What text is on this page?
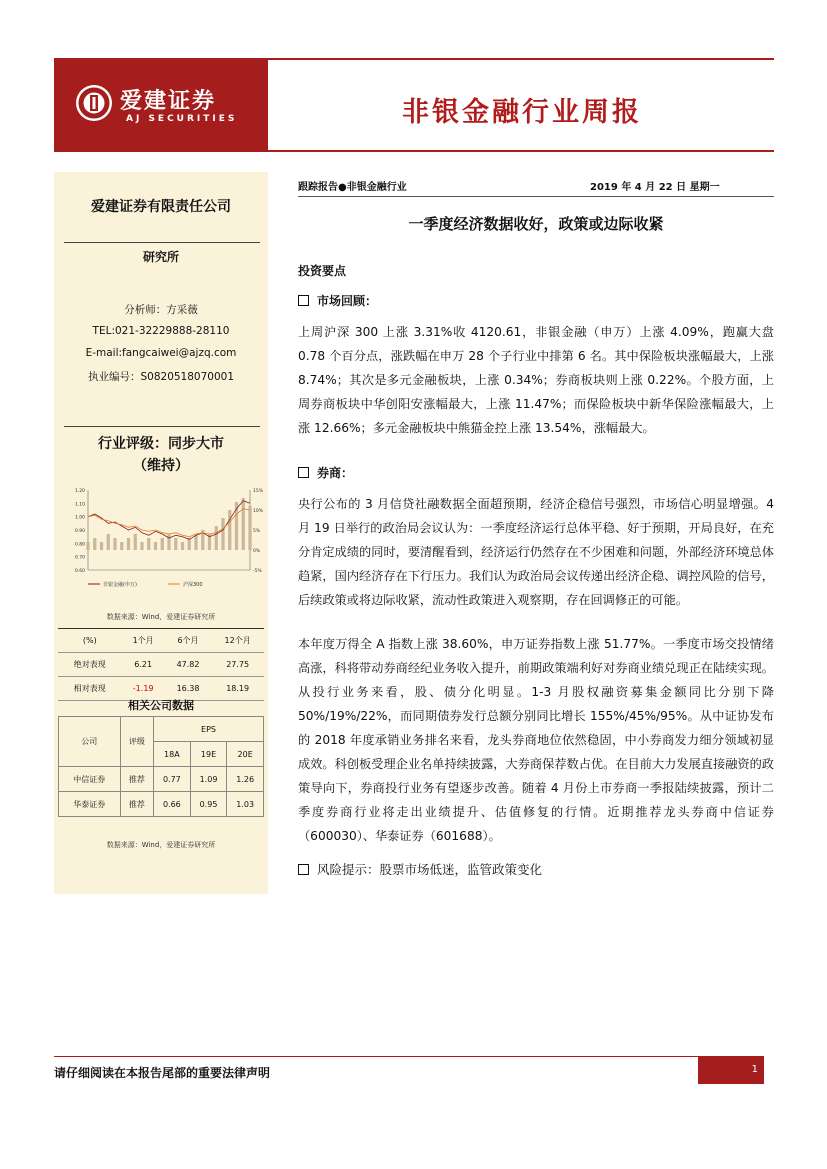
爱建证券
AJ SECURITIES	非银金融行业周报
爱建证券有限责任公司
研究所
分析师：方采薇
TEL:021-32229888-28110
E-mail:fangcaiwei@ajzq.com
执业编号：S0820518070001
行业评级：同步大市
（维持）
1.20
1.10
1.00
0.90
0.80
0.70
0.60
15%
10%
5%
0%
-5%
非银金融(申万)	沪深300
数据来源：Wind，爱建证券研究所
(%)	1个月	6个月	12个月
绝对表现	6.21	47.82	27.75
相对表现	-1.19	16.38	18.19
相关公司数据
公司	评级	EPS		
		18A	19E	20E
中信证券	推荐	0.77	1.09	1.26
华泰证券	推荐	0.66	0.95	1.03
数据来源：Wind，爱建证券研究所
跟踪报告●非银金融行业	2019 年 4 月 22 日 星期一
一季度经济数据收好，政策或边际收紧
投资要点
市场回顾：
上周沪深 300 上涨 3.31%收 4120.61，非银金融（申万）上涨 4.09%，跑赢大盘 0.78 个百分点，涨跌幅在申万 28 个子行业中排第 6 名。其中保险板块涨幅最大，上涨 8.74%；其次是多元金融板块，上涨 0.34%；券商板块则上涨 0.22%。个股方面，上周券商板块中华创阳安涨幅最大，上涨 11.47%；而保险板块中新华保险涨幅最大，上涨 12.66%；多元金融板块中熊猫金控上涨 13.54%，涨幅最大。
券商：
央行公布的 3 月信贷社融数据全面超预期，经济企稳信号强烈，市场信心明显增强。4 月 19 日举行的政治局会议认为：一季度经济运行总体平稳、好于预期，开局良好，在充分肯定成绩的同时，要清醒看到，经济运行仍然存在不少困难和问题，外部经济环境总体趋紧，国内经济存在下行压力。我们认为政治局会议传递出经济企稳、调控风险的信号，后续政策或将边际收紧，流动性政策进入观察期，存在回调修正的可能。
本年度万得全 A 指数上涨 38.60%，申万证券指数上涨 51.77%。一季度市场交投情绪高涨，科将带动券商经纪业务收入提升，前期政策端利好对券商业绩兑现正在陆续实现。从投行业务来看，股、债分化明显。1-3 月股权融资募集金额同比分别下降 50%/19%/22%，而同期债券发行总额分别同比增长 155%/45%/95%。从中证协发布的 2018 年度承销业务排名来看，龙头券商地位依然稳固，中小券商发力细分领域初显成效。科创板受理企业名单持续披露，大券商保荐数占优。在目前大力发展直接融资的政策导向下，券商投行业务有望逐步改善。随着 4 月份上市券商一季报陆续披露，预计二季度券商行业将走出业绩提升、估值修复的行情。近期推荐龙头券商中信证券（600030）、华泰证券（601688）。
风险提示：股票市场低迷，监管政策变化
请仔细阅读在本报告尾部的重要法律声明	1
